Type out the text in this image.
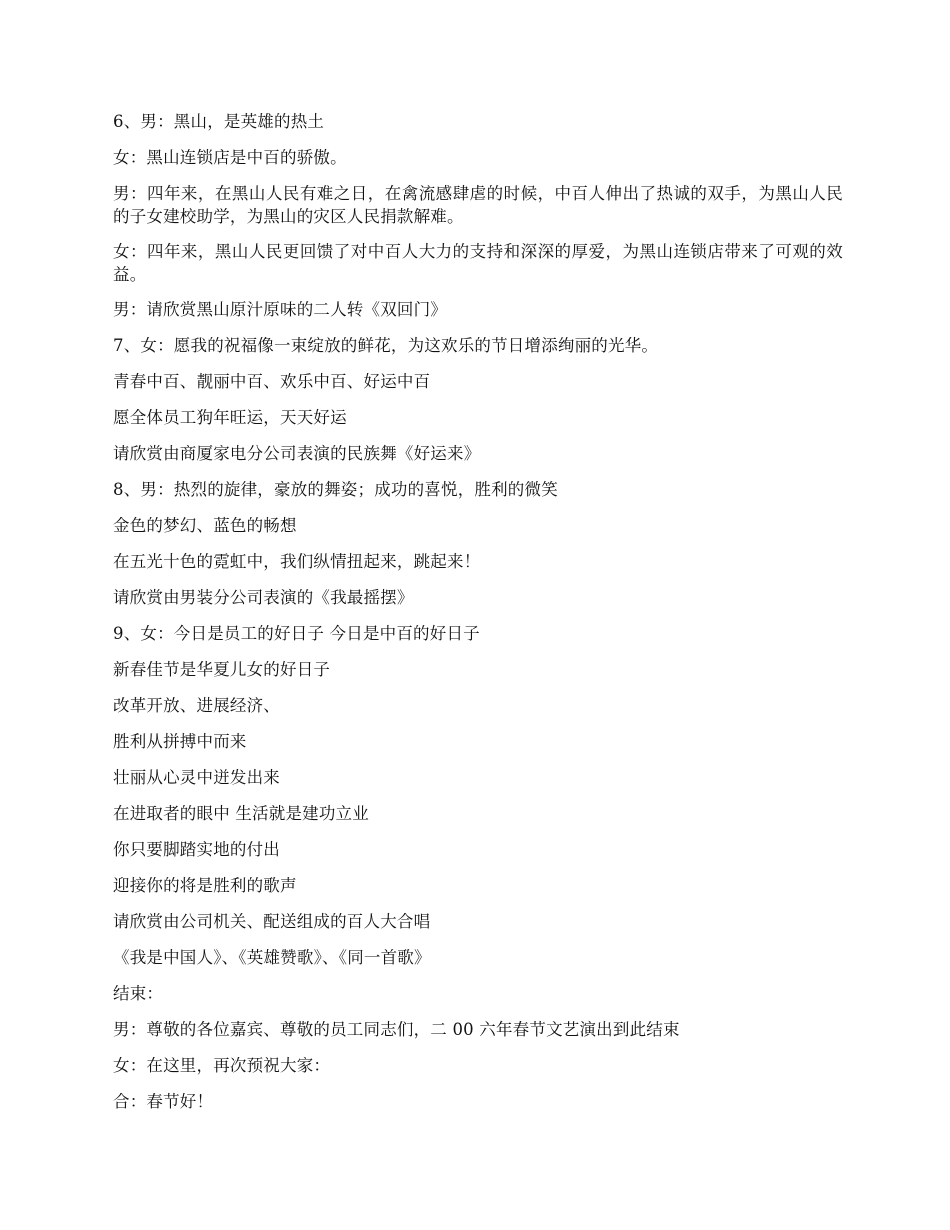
6、男：黑山，是英雄的热土

女：黑山连锁店是中百的骄傲。

男：四年来，在黑山人民有难之日，在禽流感肆虐的时候，中百人伸出了热诚的双手，为黑山人民的子女建校助学，为黑山的灾区人民捐款解难。

女：四年来，黑山人民更回馈了对中百人大力的支持和深深的厚爱，为黑山连锁店带来了可观的效益。

男：请欣赏黑山原汁原味的二人转《双回门》

7、女：愿我的祝福像一束绽放的鲜花，为这欢乐的节日增添绚丽的光华。

青春中百、靓丽中百、欢乐中百、好运中百

愿全体员工狗年旺运，天天好运

请欣赏由商厦家电分公司表演的民族舞《好运来》

8、男：热烈的旋律，豪放的舞姿；成功的喜悦，胜利的微笑

金色的梦幻、蓝色的畅想

在五光十色的霓虹中，我们纵情扭起来，跳起来！

请欣赏由男装分公司表演的《我最摇摆》

9、女：今日是员工的好日子 今日是中百的好日子

新春佳节是华夏儿女的好日子

改革开放、进展经济、

胜利从拼搏中而来

壮丽从心灵中迸发出来

在进取者的眼中 生活就是建功立业

你只要脚踏实地的付出

迎接你的将是胜利的歌声

请欣赏由公司机关、配送组成的百人大合唱

《我是中国人》、《英雄赞歌》、《同一首歌》

结束：

男：尊敬的各位嘉宾、尊敬的员工同志们，二 00 六年春节文艺演出到此结束

女：在这里，再次预祝大家：

合：春节好！
